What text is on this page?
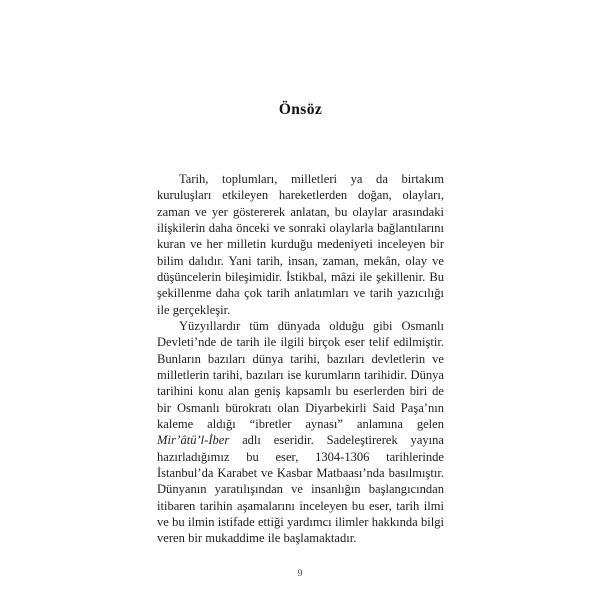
Önsöz

Tarih, toplumları, milletleri ya da birtakım kuruluşları etkileyen hareketlerden doğan, olayları, zaman ve yer göstererek anlatan, bu olaylar arasındaki ilişkilerin daha önceki ve sonraki olaylarla bağlantılarını kuran ve her milletin kurduğu medeniyeti inceleyen bir bilim dalıdır. Yani tarih, insan, zaman, mekân, olay ve düşüncelerin bileşimidir. İstikbal, mâzi ile şekillenir. Bu şekillenme daha çok tarih anlatımları ve tarih yazıcılığı ile gerçekleşir.

Yüzyıllardır tüm dünyada olduğu gibi Osmanlı Devleti’nde de tarih ile ilgili birçok eser telif edilmiştir. Bunların bazıları dünya tarihi, bazıları devletlerin ve milletlerin tarihi, bazıları ise kurumların tarihidir. Dünya tarihini konu alan geniş kapsamlı bu eserlerden biri de bir Osmanlı bürokratı olan Diyarbekirli Said Paşa’nın kaleme aldığı “ibretler aynası” anlamına gelen Mir’âtü’l-İber adlı eseridir. Sadeleştirerek yayına hazırladığımız bu eser, 1304-1306 tarihlerinde İstanbul’da Karabet ve Kasbar Matbaası’nda basılmıştır. Dünyanın yaratılışından ve insanlığın başlangıcından itibaren tarihin aşamalarını inceleyen bu eser, tarih ilmi ve bu ilmin istifade ettiği yardımcı ilimler hakkında bilgi veren bir mukaddime ile başlamaktadır.

9
